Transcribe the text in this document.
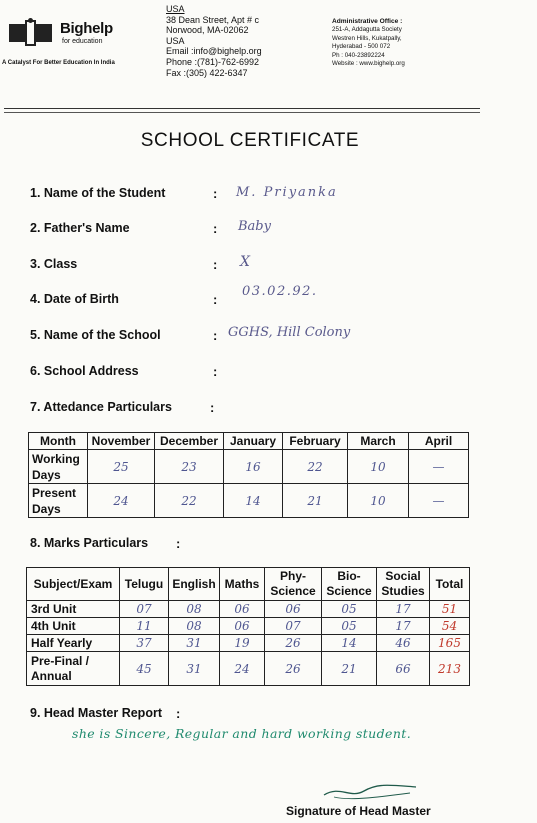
Bighelp
for education
A Catalyst For Better Education In India
USA
38 Dean Street, Apt # c
Norwood, MA-02062
USA
Email :info@bighelp.org
Phone :(781)-762-6992
Fax :(305) 422-6347
Administrative Office :
251-A, Addagutta Society
Westren Hills, Kukatpally,
Hyderabad - 500 072
Ph : 040-23892224
Website : www.bighelp.org
SCHOOL CERTIFICATE
1. Name of the Student	: M. Priyanka
2. Father's Name	: Baby
3. Class	: X
4. Date of Birth	:
03.02.92.
5. Name of the School	: GGHS, Hill Colony
6. School Address	:
7. Attedance Particulars	:
Month	November	December	January	February	March	April
Working Days	25	23	16	22	10	—
Present Days	24	22	14	21	10	—
8. Marks Particulars :
Subject/Exam	Telugu	English	Maths	Phy-Science	Bio-Science	Social Studies	Total
3rd Unit	07	08	06	06	05	17	51
4th Unit	11	08	06	07	05	17	54
Half Yearly	37	31	19	26	14	46	165
Pre-Final / Annual	45	31	24	26	21	66	213
9. Head Master Report :
she is Sincere, Regular and hard working student.
Signature of Head Master
